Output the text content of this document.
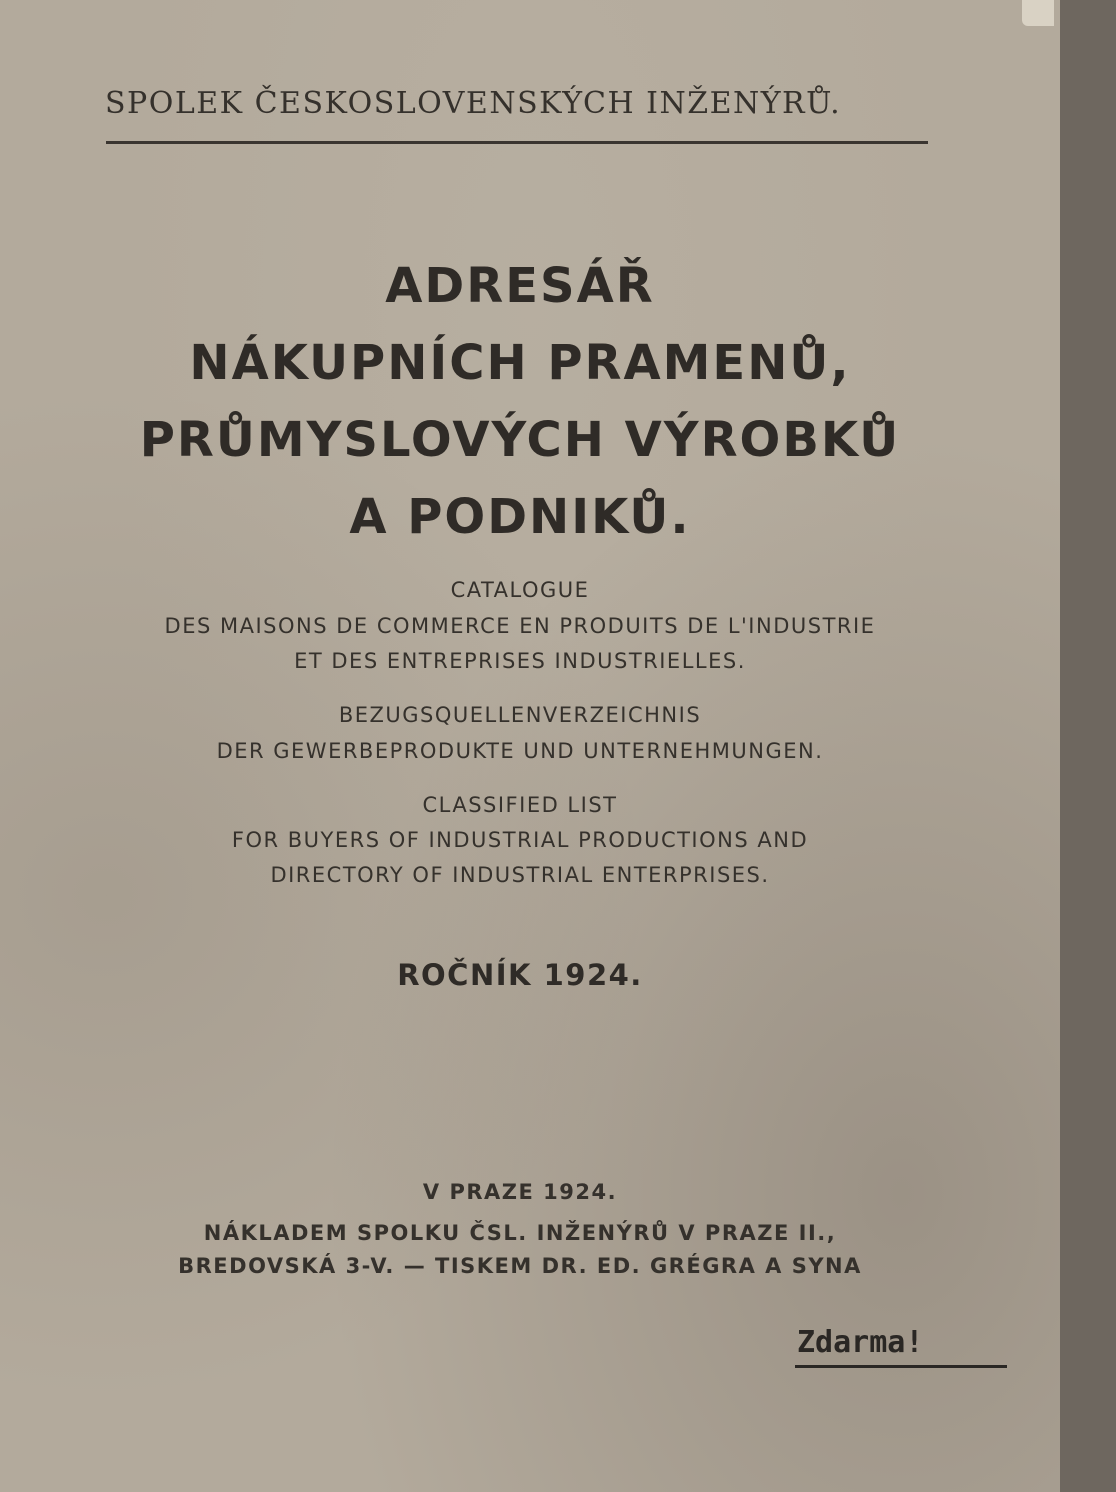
SPOLEK ČESKOSLOVENSKÝCH INŽENÝRŮ.
ADRESÁŘ
NÁKUPNÍCH PRAMENŮ,
PRŮMYSLOVÝCH VÝROBKŮ
A PODNIKŮ.
CATALOGUE
DES MAISONS DE COMMERCE EN PRODUITS DE L'INDUSTRIE
ET DES ENTREPRISES INDUSTRIELLES.
BEZUGSQUELLENVERZEICHNIS
DER GEWERBEPRODUKTE UND UNTERNEHMUNGEN.
CLASSIFIED LIST
FOR BUYERS OF INDUSTRIAL PRODUCTIONS AND
DIRECTORY OF INDUSTRIAL ENTERPRISES.
ROČNÍK 1924.
V PRAZE 1924.
NÁKLADEM SPOLKU ČSL. INŽENÝRŮ V PRAZE II.,
BREDOVSKÁ 3-V. — TISKEM DR. ED. GRÉGRA A SYNA
Zdarma!
